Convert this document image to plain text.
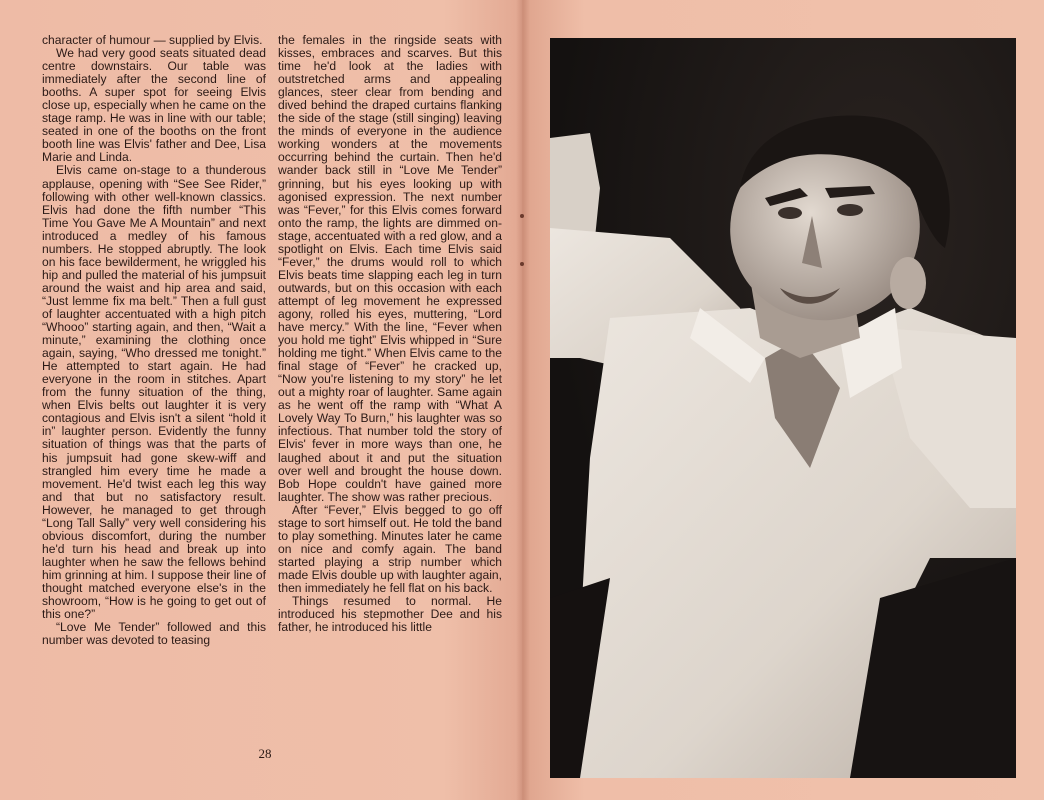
character of humour — supplied by Elvis.

We had very good seats situated dead centre downstairs. Our table was immediately after the second line of booths. A super spot for seeing Elvis close up, especially when he came on the stage ramp. He was in line with our table; seated in one of the booths on the front booth line was Elvis' father and Dee, Lisa Marie and Linda.

Elvis came on-stage to a thunderous applause, opening with “See See Rider,” following with other well-known classics. Elvis had done the fifth number “This Time You Gave Me A Mountain” and next introduced a medley of his famous numbers. He stopped abruptly. The look on his face bewilderment, he wriggled his hip and pulled the material of his jumpsuit around the waist and hip area and said, “Just lemme fix ma belt.” Then a full gust of laughter accentuated with a high pitch “Whooo” starting again, and then, “Wait a minute,” examining the clothing once again, saying, “Who dressed me tonight.” He attempted to start again. He had everyone in the room in stitches. Apart from the funny situation of the thing, when Elvis belts out laughter it is very contagious and Elvis isn't a silent “hold it in” laughter person. Evidently the funny situation of things was that the parts of his jumpsuit had gone skew-wiff and strangled him every time he made a movement. He'd twist each leg this way and that but no satisfactory result. However, he managed to get through “Long Tall Sally” very well considering his obvious discomfort, during the number he'd turn his head and break up into laughter when he saw the fellows behind him grinning at him. I suppose their line of thought matched everyone else's in the showroom, “How is he going to get out of this one?”

“Love Me Tender” followed and this number was devoted to teasing

the females in the ringside seats with kisses, embraces and scarves. But this time he'd look at the ladies with outstretched arms and appealing glances, steer clear from bending and dived behind the draped curtains flanking the side of the stage (still singing) leaving the minds of everyone in the audience working wonders at the movements occurring behind the curtain. Then he'd wander back still in “Love Me Tender” grinning, but his eyes looking up with agonised expression. The next number was “Fever,” for this Elvis comes forward onto the ramp, the lights are dimmed on-stage, accentuated with a red glow, and a spotlight on Elvis. Each time Elvis said “Fever,” the drums would roll to which Elvis beats time slapping each leg in turn outwards, but on this occasion with each attempt of leg movement he expressed agony, rolled his eyes, muttering, “Lord have mercy.” With the line, “Fever when you hold me tight” Elvis whipped in “Sure holding me tight.” When Elvis came to the final stage of “Fever” he cracked up, “Now you're listening to my story” he let out a mighty roar of laughter. Same again as he went off the ramp with “What A Lovely Way To Burn,” his laughter was so infectious. That number told the story of Elvis' fever in more ways than one, he laughed about it and put the situation over well and brought the house down. Bob Hope couldn't have gained more laughter. The show was rather precious.

After “Fever,” Elvis begged to go off stage to sort himself out. He told the band to play something. Minutes later he came on nice and comfy again. The band started playing a strip number which made Elvis double up with laughter again, then immediately he fell flat on his back.

Things resumed to normal. He introduced his stepmother Dee and his father, he introduced his little

28
